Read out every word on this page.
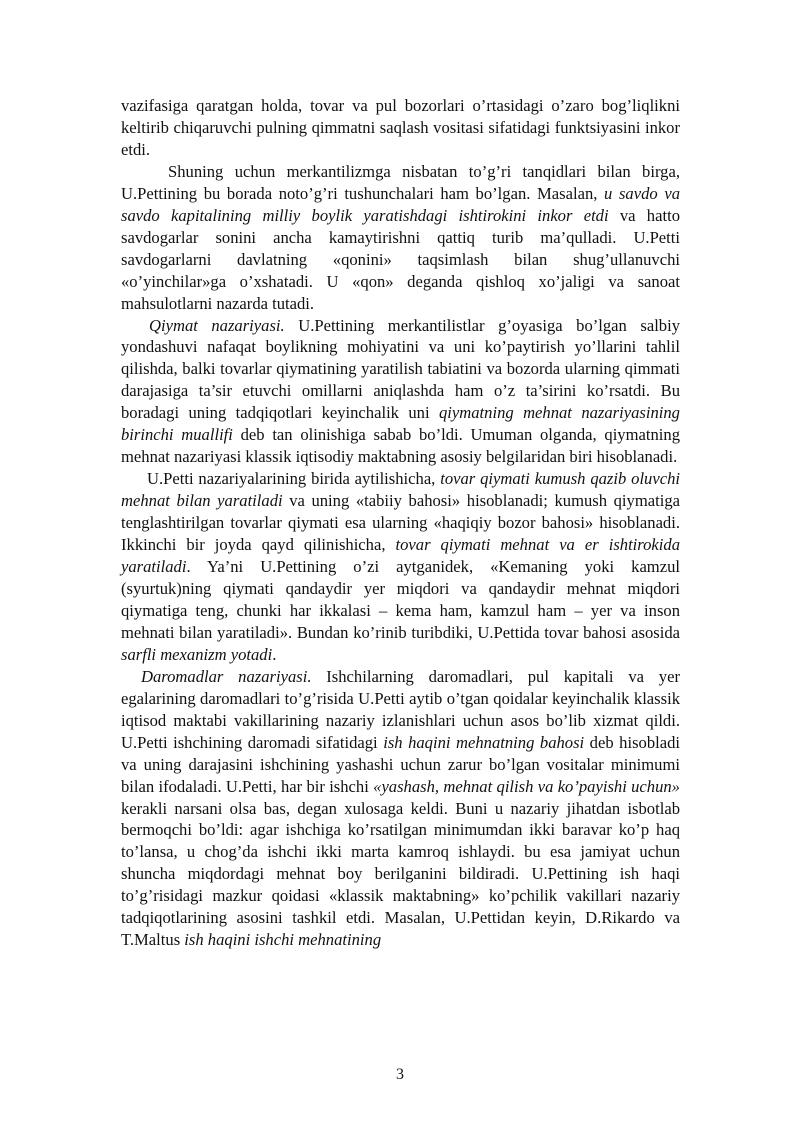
vazifasiga qaratgan holda, tovar va pul bozorlari o’rtasidagi o’zaro bog’liqlikni keltirib chiqaruvchi pulning qimmatni saqlash vositasi sifatidagi funktsiyasini inkor etdi.

Shuning uchun merkantilizmga nisbatan to’g’ri tanqidlari bilan birga, U.Pettining bu borada noto’g’ri tushunchalari ham bo’lgan. Masalan, u savdo va savdo kapitalining milliy boylik yaratishdagi ishtirokini inkor etdi va hatto savdogarlar sonini ancha kamaytirishni qattiq turib ma’qulladi. U.Petti savdogarlarni davlatning «qonini» taqsimlash bilan shug’ullanuvchi «o’yinchilar»ga o’xshatadi. U «qon» deganda qishloq xo’jaligi va sanoat mahsulotlarni nazarda tutadi.

Qiymat nazariyasi. U.Pettining merkantilistlar g’oyasiga bo’lgan salbiy yondashuvi nafaqat boylikning mohiyatini va uni ko’paytirish yo’llarini tahlil qilishda, balki tovarlar qiymatining yaratilish tabiatini va bozorda ularning qimmati darajasiga ta’sir etuvchi omillarni aniqlashda ham o’z ta’sirini ko’rsatdi. Bu boradagi uning tadqiqotlari keyinchalik uni qiymatning mehnat nazariyasining birinchi muallifi deb tan olinishiga sabab bo’ldi. Umuman olganda, qiymatning mehnat nazariyasi klassik iqtisodiy maktabning asosiy belgilaridan biri hisoblanadi.

U.Petti nazariyalarining birida aytilishicha, tovar qiymati kumush qazib oluvchi mehnat bilan yaratiladi va uning «tabiiy bahosi» hisoblanadi; kumush qiymatiga tenglashtirilgan tovarlar qiymati esa ularning «haqiqiy bozor bahosi» hisoblanadi. Ikkinchi bir joyda qayd qilinishicha, tovar qiymati mehnat va er ishtirokida yaratiladi. Ya’ni U.Pettining o’zi aytganidek, «Kemaning yoki kamzul (syurtuk)ning qiymati qandaydir yer miqdori va qandaydir mehnat miqdori qiymatiga teng, chunki har ikkalasi – kema ham, kamzul ham – yer va inson mehnati bilan yaratiladi». Bundan ko’rinib turibdiki, U.Pettida tovar bahosi asosida sarfli mexanizm yotadi.

Daromadlar nazariyasi. Ishchilarning daromadlari, pul kapitali va yer egalarining daromadlari to’g’risida U.Petti aytib o’tgan qoidalar keyinchalik klassik iqtisod maktabi vakillarining nazariy izlanishlari uchun asos bo’lib xizmat qildi. U.Petti ishchining daromadi sifatidagi ish haqini mehnatning bahosi deb hisobladi va uning darajasini ishchining yashashi uchun zarur bo’lgan vositalar minimumi bilan ifodaladi. U.Petti, har bir ishchi «yashash, mehnat qilish va ko’payishi uchun» kerakli narsani olsa bas, degan xulosaga keldi. Buni u nazariy jihatdan isbotlab bermoqchi bo’ldi: agar ishchiga ko’rsatilgan minimumdan ikki baravar ko’p haq to’lansa, u chog’da ishchi ikki marta kamroq ishlaydi. bu esa jamiyat uchun shuncha miqdordagi mehnat boy berilganini bildiradi. U.Pettining ish haqi to’g’risidagi mazkur qoidasi «klassik maktabning» ko’pchilik vakillari nazariy tadqiqotlarining asosini tashkil etdi. Masalan, U.Pettidan keyin, D.Rikardo va T.Maltus ish haqini ishchi mehnatining

3
